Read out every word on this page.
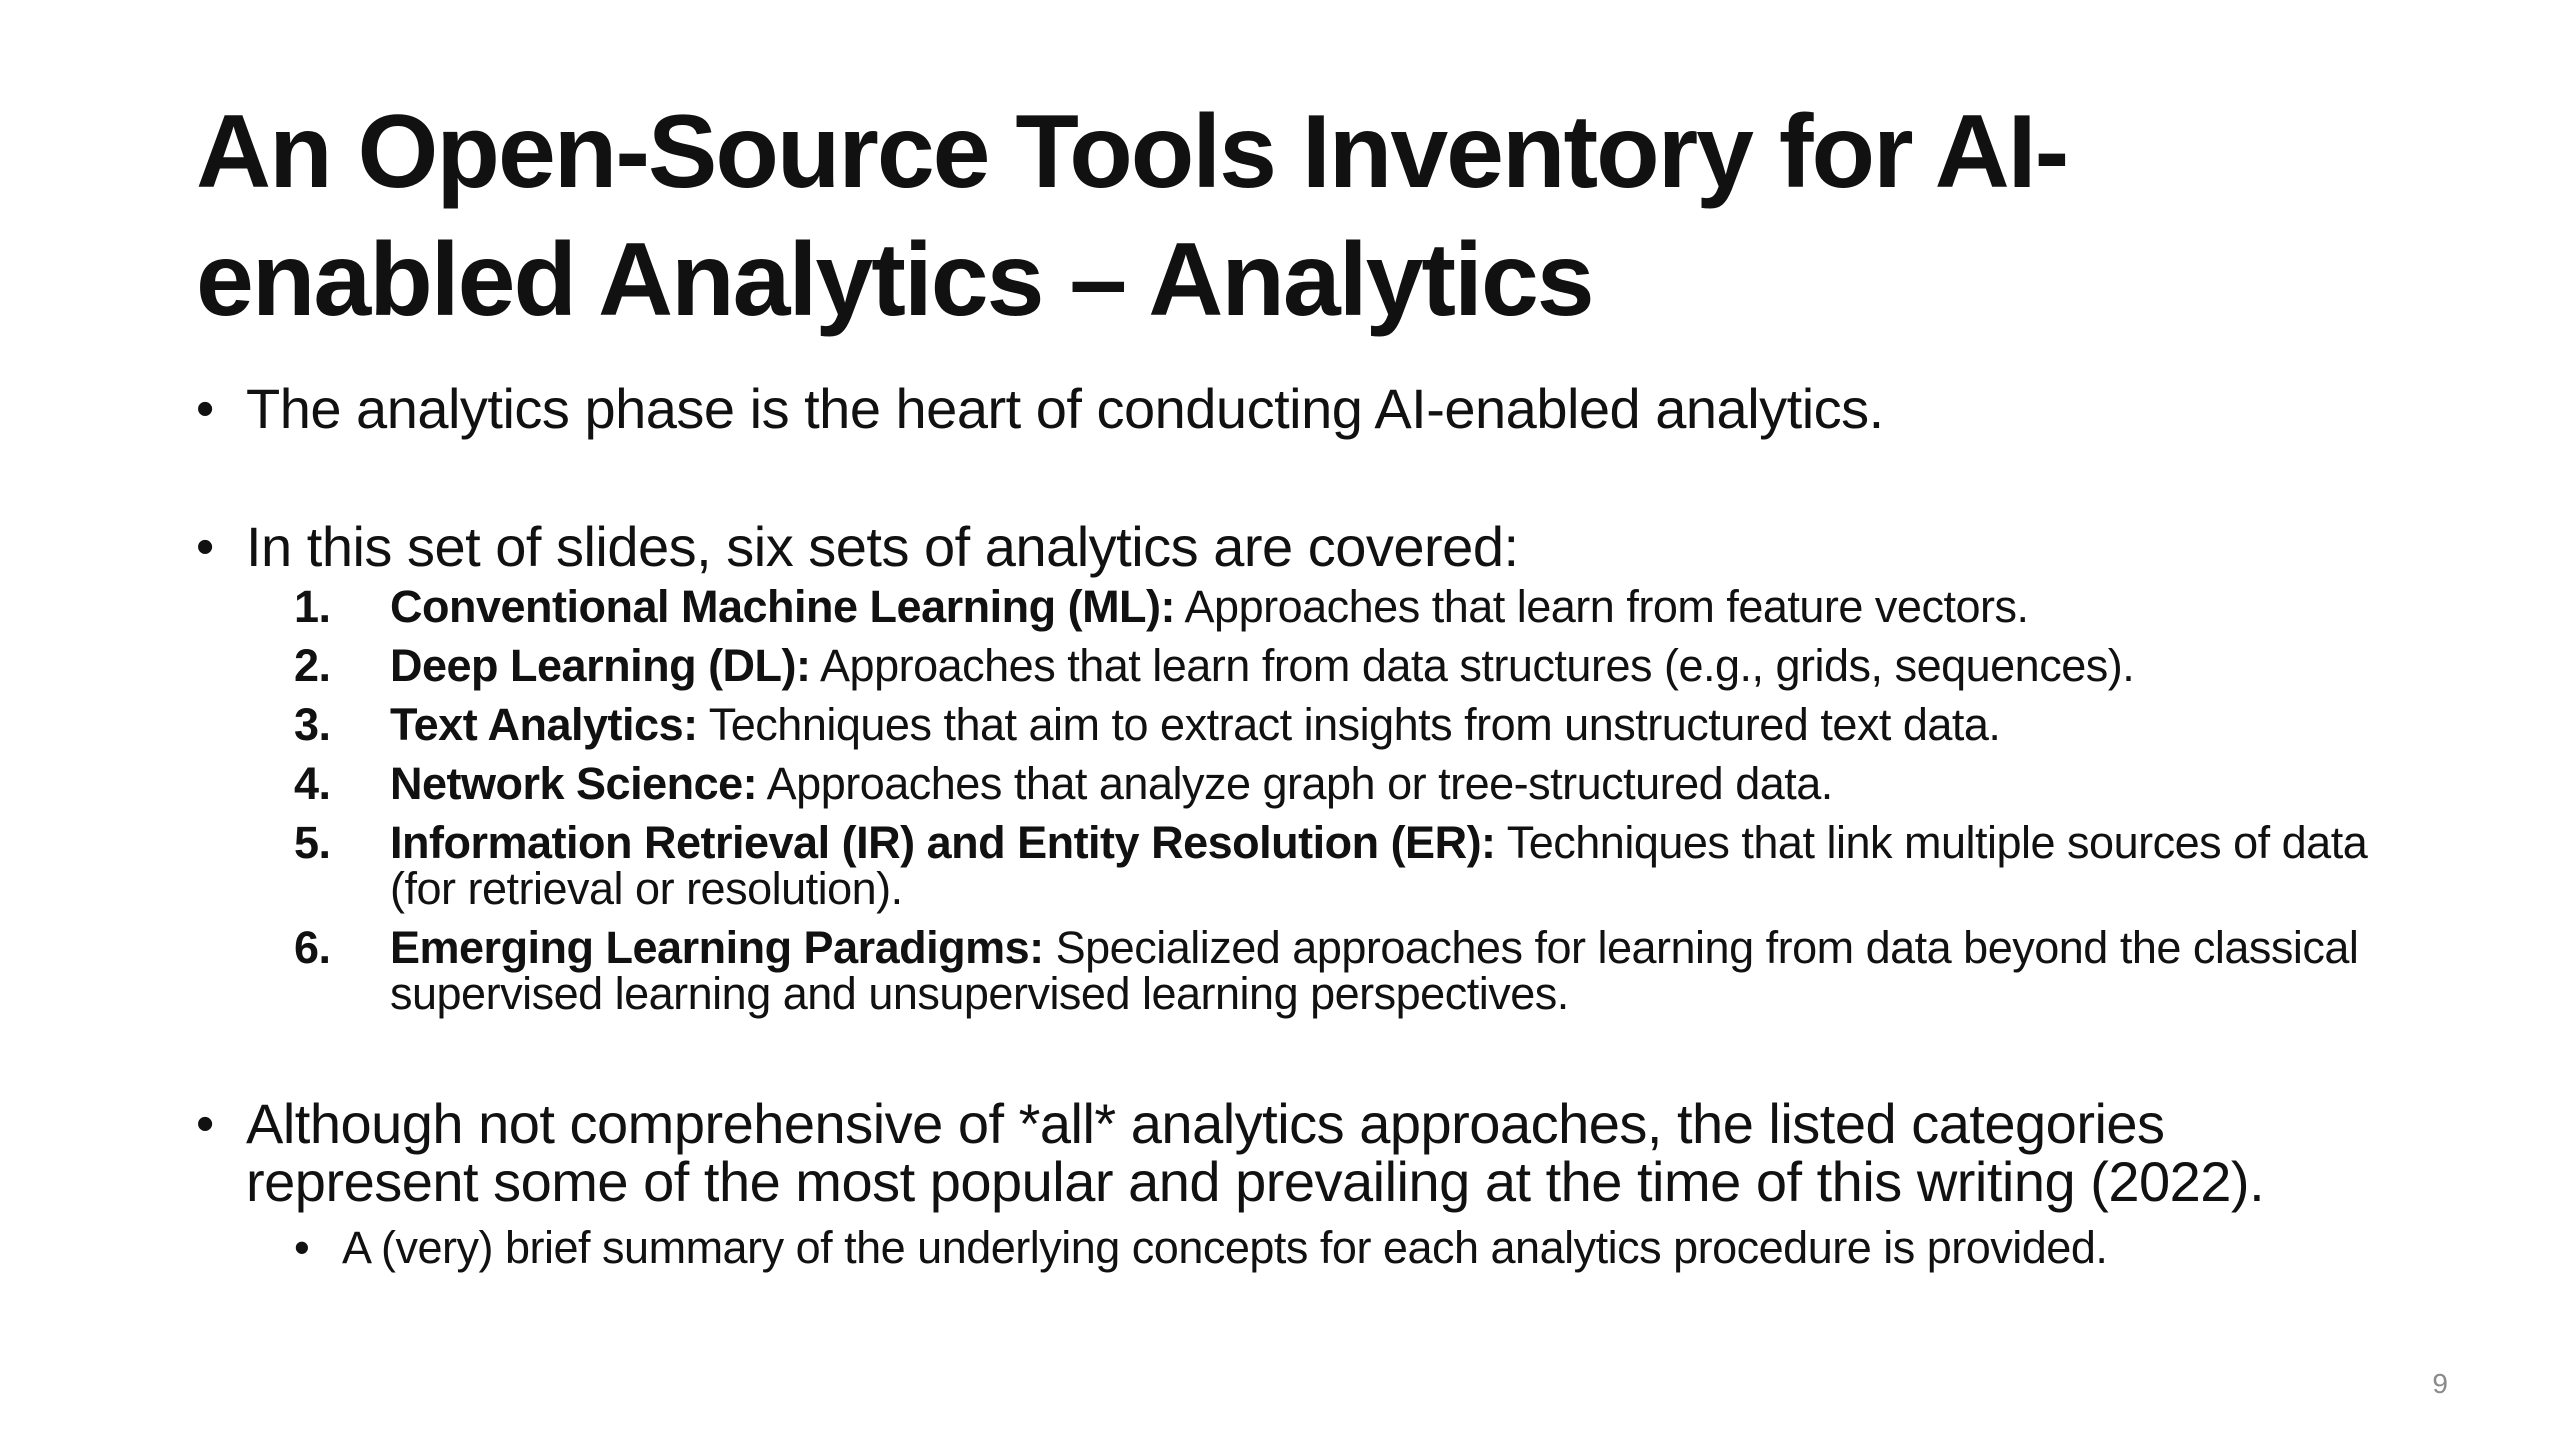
An Open-Source Tools Inventory for AI-enabled Analytics – Analytics
• The analytics phase is the heart of conducting AI-enabled analytics.
• In this set of slides, six sets of analytics are covered:
1. Conventional Machine Learning (ML): Approaches that learn from feature vectors.
2. Deep Learning (DL): Approaches that learn from data structures (e.g., grids, sequences).
3. Text Analytics: Techniques that aim to extract insights from unstructured text data.
4. Network Science: Approaches that analyze graph or tree-structured data.
5. Information Retrieval (IR) and Entity Resolution (ER): Techniques that link multiple sources of data (for retrieval or resolution).
6. Emerging Learning Paradigms: Specialized approaches for learning from data beyond the classical supervised learning and unsupervised learning perspectives.
• Although not comprehensive of *all* analytics approaches, the listed categories represent some of the most popular and prevailing at the time of this writing (2022).
• A (very) brief summary of the underlying concepts for each analytics procedure is provided.
9
